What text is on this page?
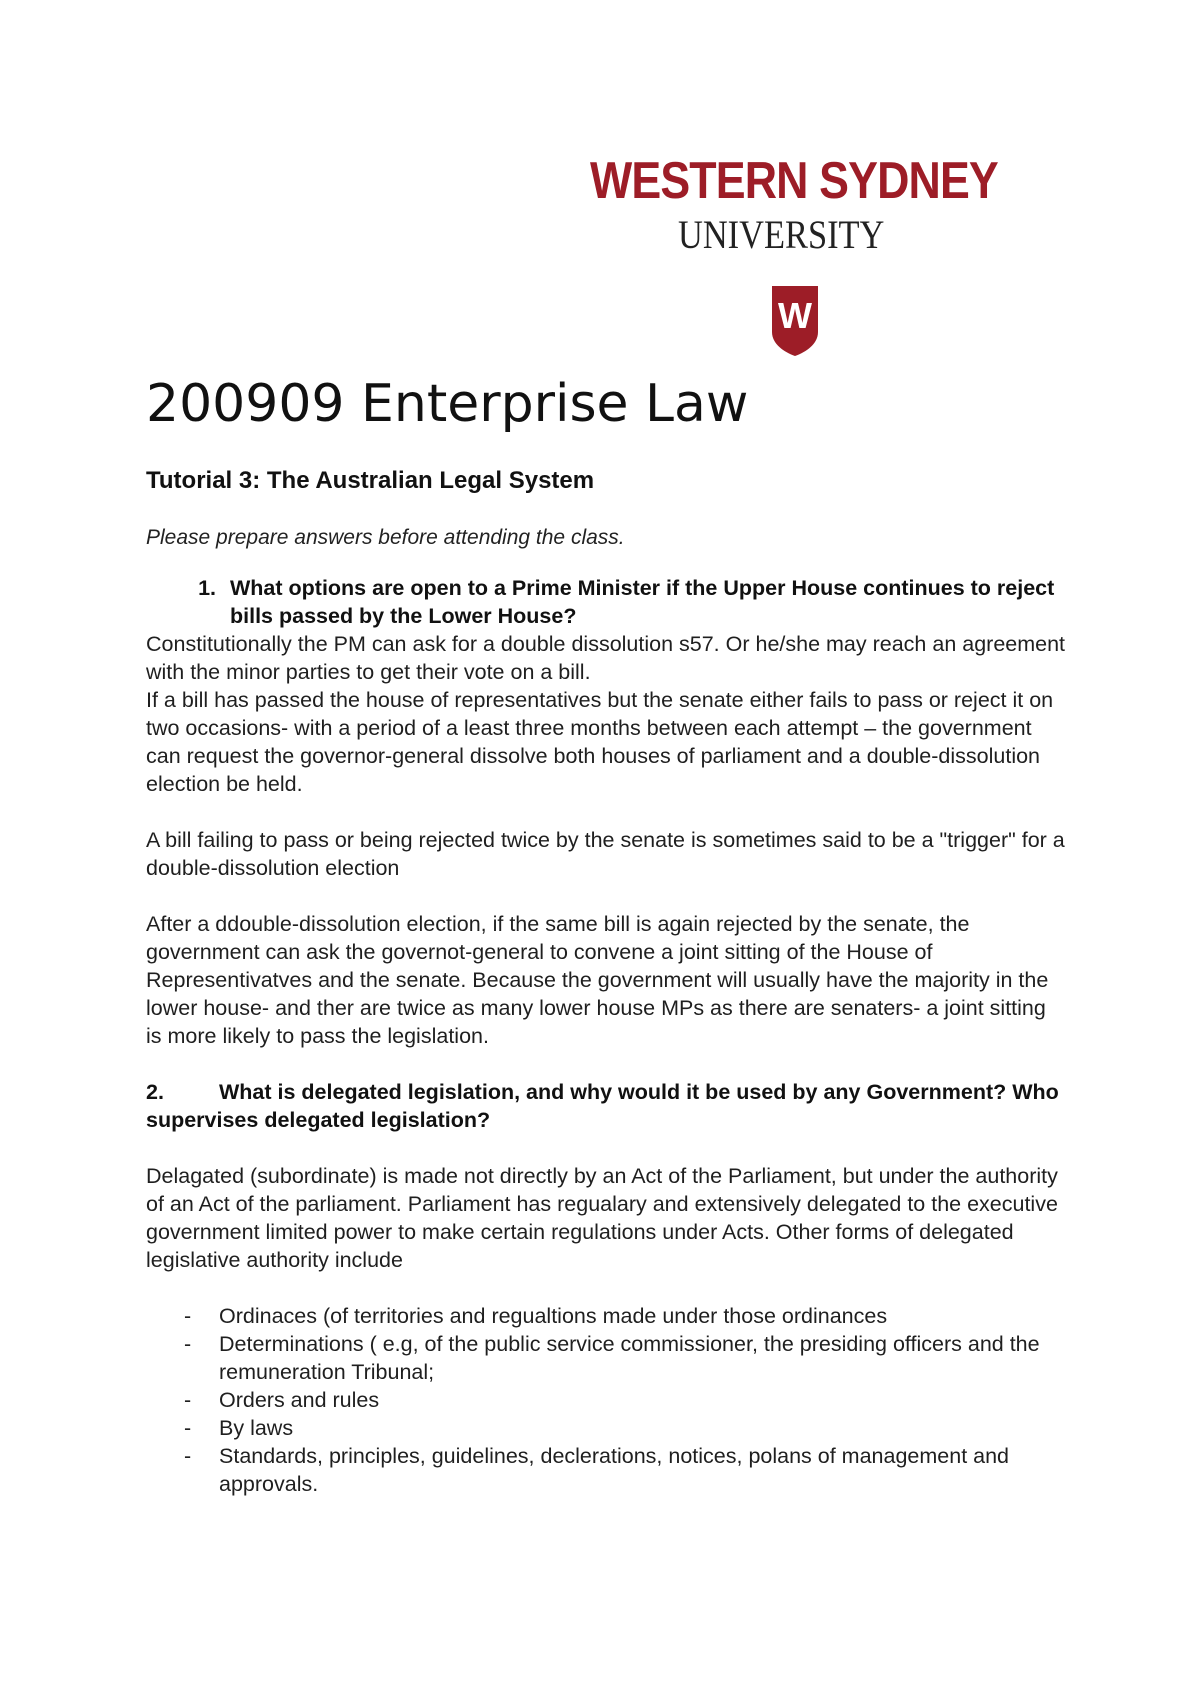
WESTERN SYDNEY
UNIVERSITY
W
200909 Enterprise Law
Tutorial 3: The Australian Legal System

Please prepare answers before attending the class.

1. What options are open to a Prime Minister if the Upper House continues to reject bills passed by the Lower House?

Constitutionally the PM can ask for a double dissolution s57. Or he/she may reach an agreement with the minor parties to get their vote on a bill.

If a bill has passed the house of representatives but the senate either fails to pass or reject it on two occasions- with a period of a least three months between each attempt – the government can request the governor-general dissolve both houses of parliament and a double-dissolution election be held.

A bill failing to pass or being rejected twice by the senate is sometimes said to be a "trigger" for a double-dissolution election

After a ddouble-dissolution election, if the same bill is again rejected by the senate, the government can ask the governot-general to convene a joint sitting of the House of Representivatves and the senate. Because the government will usually have the majority in the lower house- and ther are twice as many lower house MPs as there are senaters- a joint sitting is more likely to pass the legislation.

2.	What is delegated legislation, and why would it be used by any Government? Who supervises delegated legislation?

Delagated (subordinate) is made not directly by an Act of the Parliament, but under the authority of an Act of the parliament. Parliament has regualary and extensively delegated to the executive government limited power to make certain regulations under Acts. Other forms of delegated legislative authority include

-	Ordinaces (of territories and regualtions made under those ordinances
-	Determinations ( e.g, of the public service commissioner, the presiding officers and the remuneration Tribunal;
-	Orders and rules
-	By laws
-	Standards, principles, guidelines, declerations, notices, polans of management and approvals.
